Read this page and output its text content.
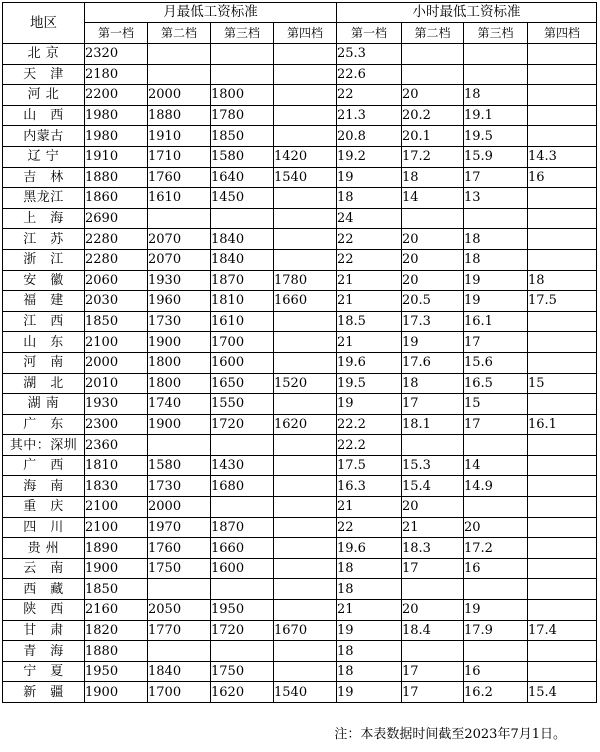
地区	月最低工资标准				小时最低工资标准			
	第一档	第二档	第三档	第四档	第一档	第二档	第三档	第四档
北 京	2320				25.3			
天　津	2180				22.6			
河 北	2200	2000	1800		22	20	18	
山　西	1980	1880	1780		21.3	20.2	19.1	
内蒙古	1980	1910	1850		20.8	20.1	19.5	
辽 宁	1910	1710	1580	1420	19.2	17.2	15.9	14.3
吉　林	1880	1760	1640	1540	19	18	17	16
黑龙江	1860	1610	1450		18	14	13	
上　海	2690				24			
江　苏	2280	2070	1840		22	20	18	
浙　江	2280	2070	1840		22	20	18	
安　徽	2060	1930	1870	1780	21	20	19	18
福　建	2030	1960	1810	1660	21	20.5	19	17.5
江　西	1850	1730	1610		18.5	17.3	16.1	
山　东	2100	1900	1700		21	19	17	
河　南	2000	1800	1600		19.6	17.6	15.6	
湖　北	2010	1800	1650	1520	19.5	18	16.5	15
湖 南	1930	1740	1550		19	17	15	
广　东	2300	1900	1720	1620	22.2	18.1	17	16.1
其中：深圳	2360				22.2			
广　西	1810	1580	1430		17.5	15.3	14	
海　南	1830	1730	1680		16.3	15.4	14.9	
重　庆	2100	2000			21	20		
四　川	2100	1970	1870		22	21	20	
贵 州	1890	1760	1660		19.6	18.3	17.2	
云　南	1900	1750	1600		18	17	16	
西　藏	1850				18			
陕　西	2160	2050	1950		21	20	19	
甘　肃	1820	1770	1720	1670	19	18.4	17.9	17.4
青　海	1880				18			
宁　夏	1950	1840	1750		18	17	16	
新　疆	1900	1700	1620	1540	19	17	16.2	15.4
注：本表数据时间截至2023年7月1日。
